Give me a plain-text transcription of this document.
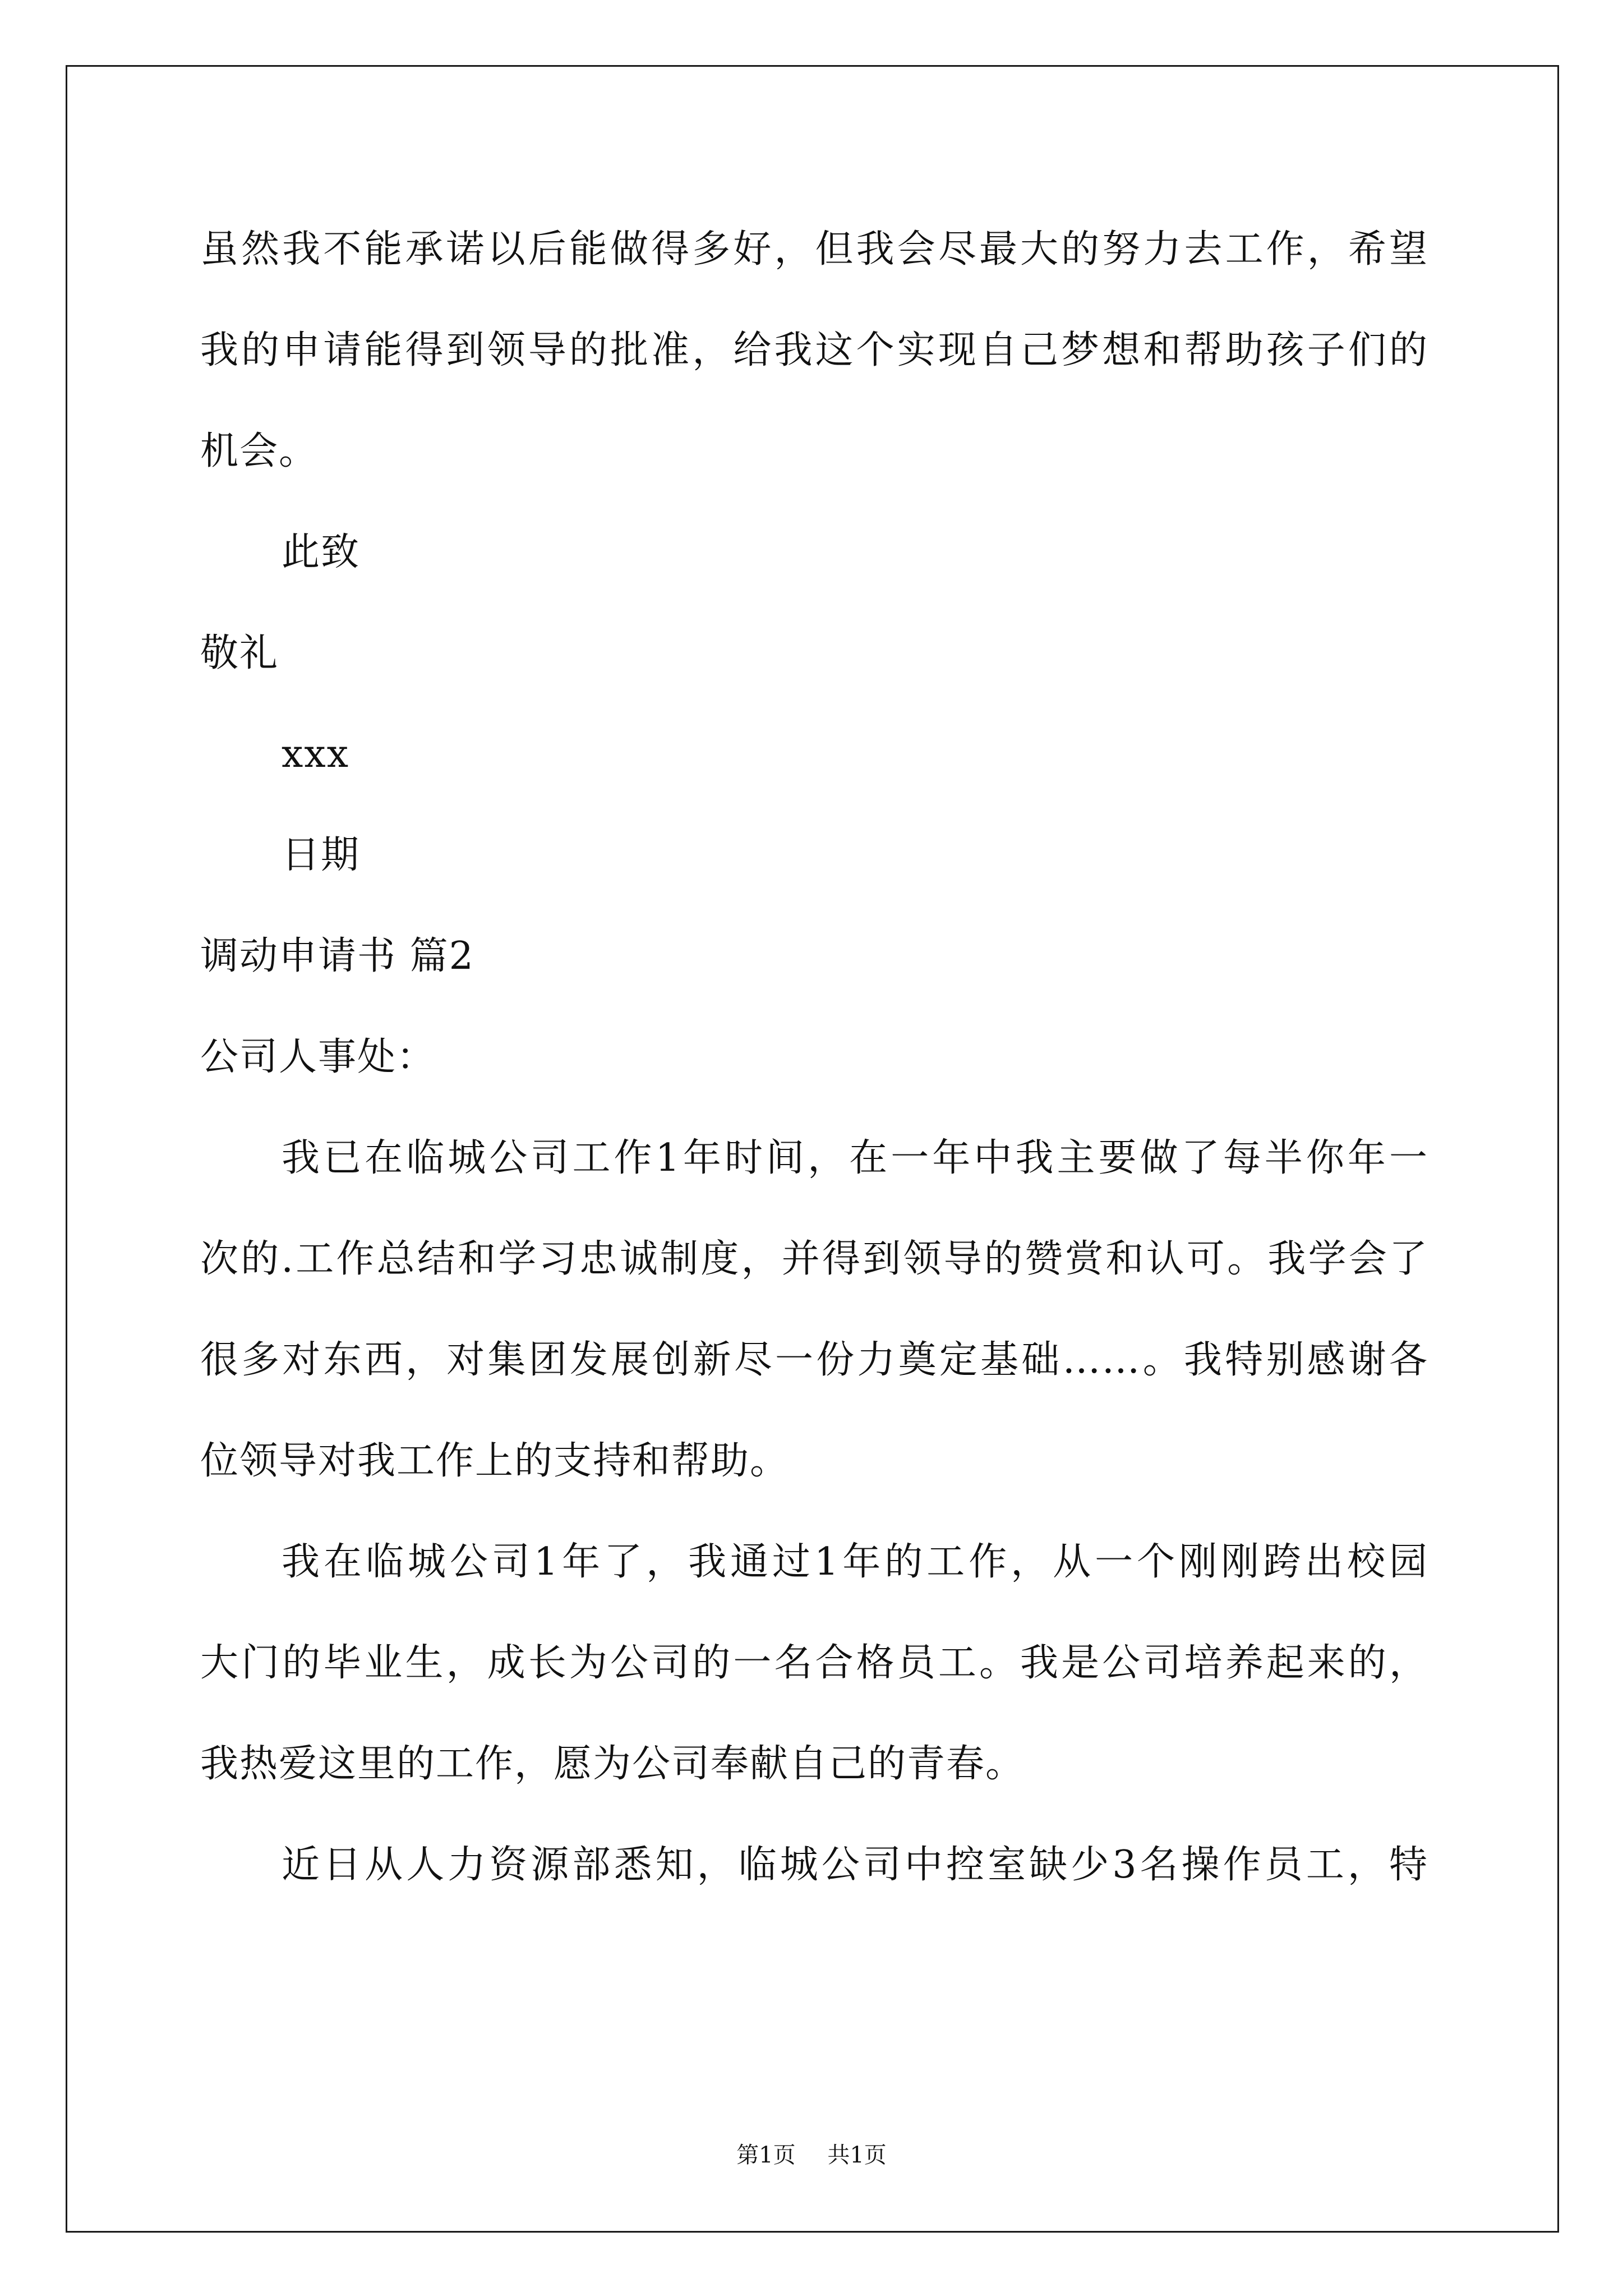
虽然我不能承诺以后能做得多好，但我会尽最大的努力去工作，希望
我的申请能得到领导的批准，给我这个实现自己梦想和帮助孩子们的
机会。
此致
敬礼
xxx
日期
调动申请书 篇2
公司人事处：
我已在临城公司工作1年时间，在一年中我主要做了每半你年一
次的.工作总结和学习忠诚制度，并得到领导的赞赏和认可。我学会了
很多对东西，对集团发展创新尽一份力奠定基础……。我特别感谢各
位领导对我工作上的支持和帮助。
我在临城公司1年了，我通过1年的工作，从一个刚刚跨出校园
大门的毕业生，成长为公司的一名合格员工。我是公司培养起来的，
我热爱这里的工作，愿为公司奉献自己的青春。
近日从人力资源部悉知，临城公司中控室缺少3名操作员工，特
第1页 共1页
